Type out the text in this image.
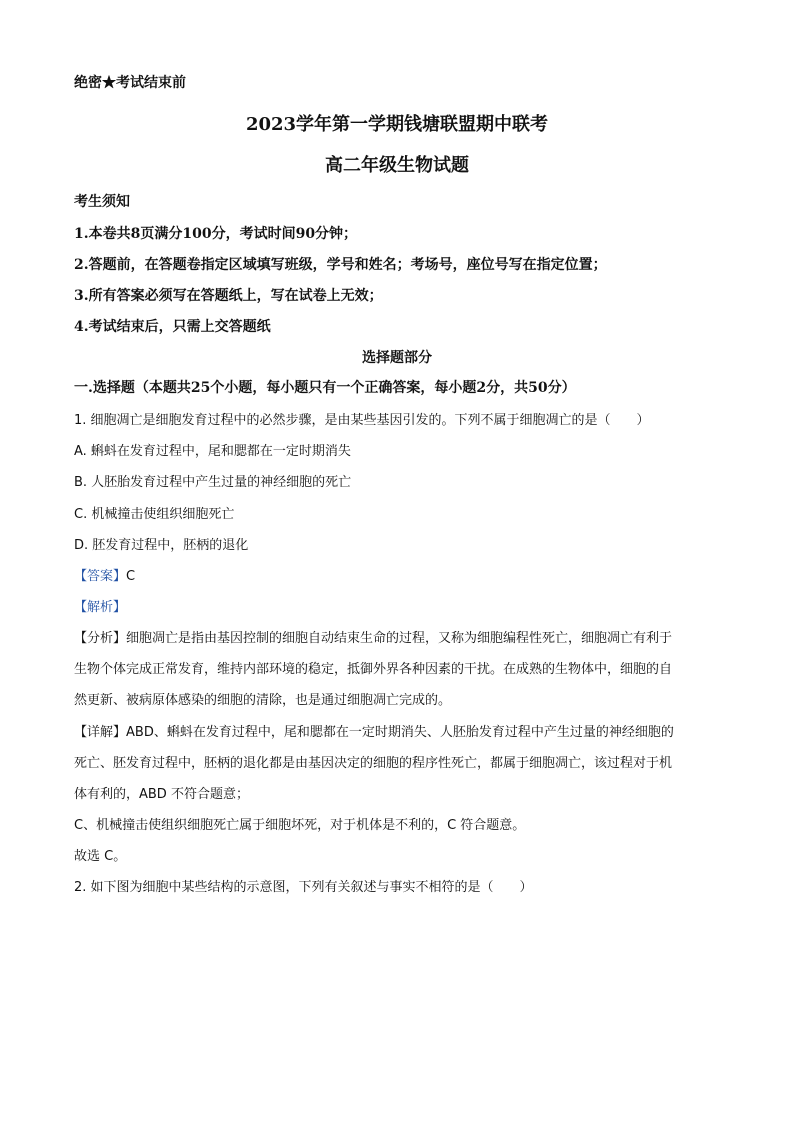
绝密★考试结束前
2023学年第一学期钱塘联盟期中联考
高二年级生物试题
考生须知
1.本卷共8页满分100分，考试时间90分钟；
2.答题前，在答题卷指定区域填写班级，学号和姓名；考场号，座位号写在指定位置；
3.所有答案必须写在答题纸上，写在试卷上无效；
4.考试结束后，只需上交答题纸
选择题部分
一.选择题（本题共25个小题，每小题只有一个正确答案，每小题2分，共50分）
1. 细胞凋亡是细胞发育过程中的必然步骤，是由某些基因引发的。下列不属于细胞凋亡的是（　　）
A. 蝌蚪在发育过程中，尾和腮都在一定时期消失
B. 人胚胎发育过程中产生过量的神经细胞的死亡
C. 机械撞击使组织细胞死亡
D. 胚发育过程中，胚柄的退化
【答案】C
【解析】
【分析】细胞凋亡是指由基因控制的细胞自动结束生命的过程，又称为细胞编程性死亡，细胞凋亡有利于
生物个体完成正常发育，维持内部环境的稳定，抵御外界各种因素的干扰。在成熟的生物体中，细胞的自
然更新、被病原体感染的细胞的清除，也是通过细胞凋亡完成的。
【详解】ABD、蝌蚪在发育过程中，尾和腮都在一定时期消失、人胚胎发育过程中产生过量的神经细胞的
死亡、胚发育过程中，胚柄的退化都是由基因决定的细胞的程序性死亡，都属于细胞凋亡，该过程对于机
体有利的，ABD 不符合题意；
C、机械撞击使组织细胞死亡属于细胞坏死，对于机体是不利的，C 符合题意。
故选 C。
2. 如下图为细胞中某些结构的示意图，下列有关叙述与事实不相符的是（　　）
